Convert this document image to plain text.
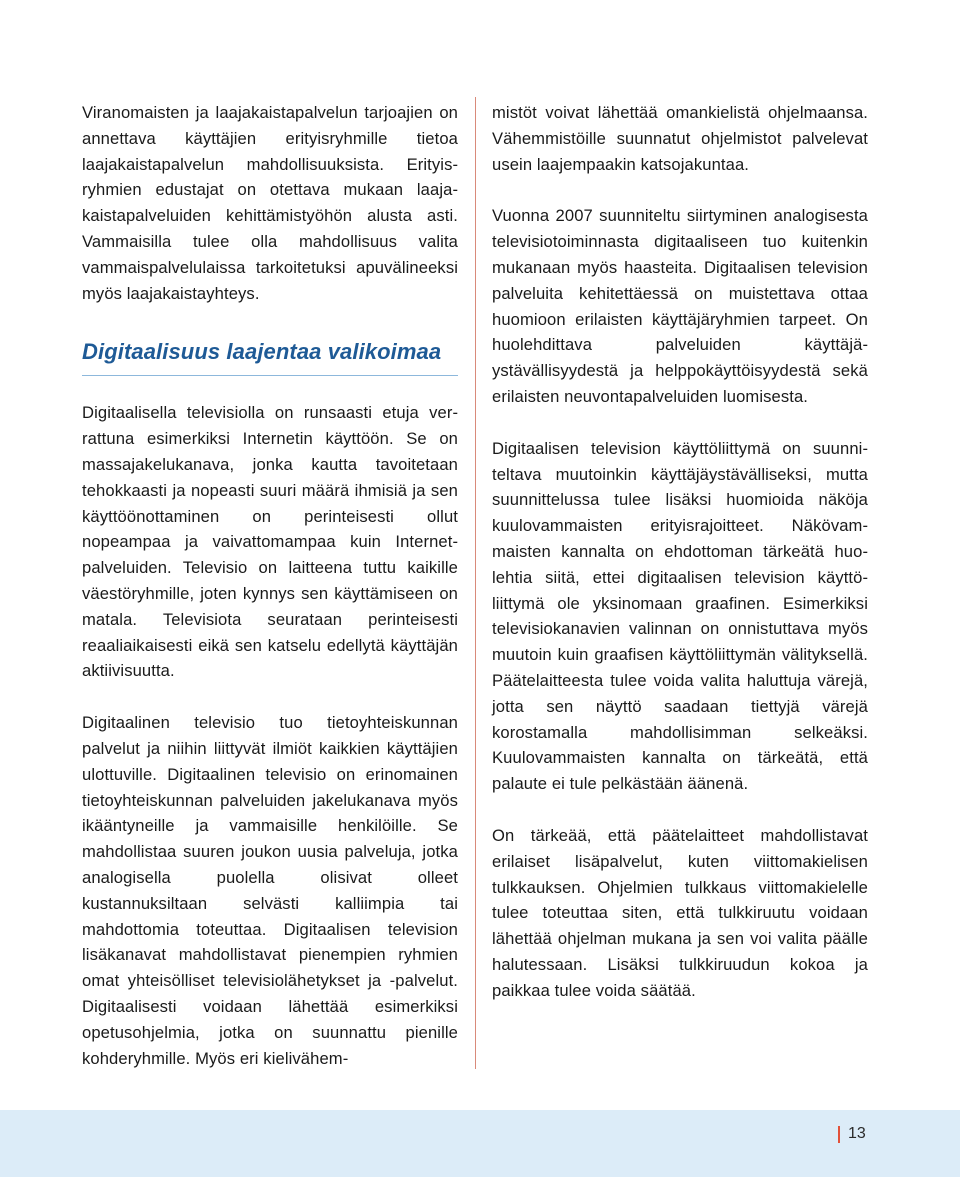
Viranomaisten ja laajakaistapalvelun tarjoajien on annettava käyttäjien erityisryhmille tietoa laajakaistapalvelun mahdollisuuksista. Erityisryhmien edustajat on otettava mukaan laajakaistapalveluiden kehittämistyöhön alusta asti. Vammaisilla tulee olla mahdollisuus valita vammaispalvelulaissa tarkoitetuksi apuvälineeksi myös laajakaistayhteys.

Digitaalisuus laajentaa valikoimaa

Digitaalisella televisiolla on runsaasti etuja verrattuna esimerkiksi Internetin käyttöön. Se on massajakelukanava, jonka kautta tavoitetaan tehokkaasti ja nopeasti suuri määrä ihmisiä ja sen käyttöönottaminen on perinteisesti ollut nopeampaa ja vaivattomampaa kuin Internetpalveluiden. Televisio on laitteena tuttu kaikille väestöryhmille, joten kynnys sen käyttämiseen on matala. Televisiota seurataan perinteisesti reaaliaikaisesti eikä sen katselu edellytä käyttäjän aktiivisuutta.

Digitaalinen televisio tuo tietoyhteiskunnan palvelut ja niihin liittyvät ilmiöt kaikkien käyttäjien ulottuville. Digitaalinen televisio on erinomainen tietoyhteiskunnan palveluiden jakelukanava myös ikääntyneille ja vammaisille henkilöille. Se mahdollistaa suuren joukon uusia palveluja, jotka analogisella puolella olisivat olleet kustannuksiltaan selvästi kalliimpia tai mahdottomia toteuttaa. Digitaalisen television lisäkanavat mahdollistavat pienempien ryhmien omat yhteisölliset televisiolähetykset ja -palvelut. Digitaalisesti voidaan lähettää esimerkiksi opetusohjelmia, jotka on suunnattu pienille kohderyhmille. Myös eri kielivähem-

mistöt voivat lähettää omankielistä ohjelmaansa. Vähemmistöille suunnatut ohjelmistot palvelevat usein laajempaakin katsojakuntaa.

Vuonna 2007 suunniteltu siirtyminen analogisesta televisiotoiminnasta digitaaliseen tuo kuitenkin mukanaan myös haasteita. Digitaalisen television palveluita kehitettäessä on muistettava ottaa huomioon erilaisten käyttäjäryhmien tarpeet. On huolehdittava palveluiden käyttäjäystävällisyydestä ja helppokäyttöisyydestä sekä erilaisten neuvontapalveluiden luomisesta.

Digitaalisen television käyttöliittymä on suunniteltava muutoinkin käyttäjäystävälliseksi, mutta suunnittelussa tulee lisäksi huomioida näköja kuulovammaisten erityisrajoitteet. Näkövammaisten kannalta on ehdottoman tärkeätä huolehtia siitä, ettei digitaalisen television käyttöliittymä ole yksinomaan graafinen. Esimerkiksi televisiokanavien valinnan on onnistuttava myös muutoin kuin graafisen käyttöliittymän välityksellä. Päätelaitteesta tulee voida valita haluttuja värejä, jotta sen näyttö saadaan tiettyjä värejä korostamalla mahdollisimman selkeäksi. Kuulovammaisten kannalta on tärkeätä, että palaute ei tule pelkästään äänenä.

On tärkeää, että päätelaitteet mahdollistavat erilaiset lisäpalvelut, kuten viittomakielisen tulkkauksen. Ohjelmien tulkkaus viittomakielelle tulee toteuttaa siten, että tulkkiruutu voidaan lähettää ohjelman mukana ja sen voi valita päälle halutessaan. Lisäksi tulkkiruudun kokoa ja paikkaa tulee voida säätää.

13
